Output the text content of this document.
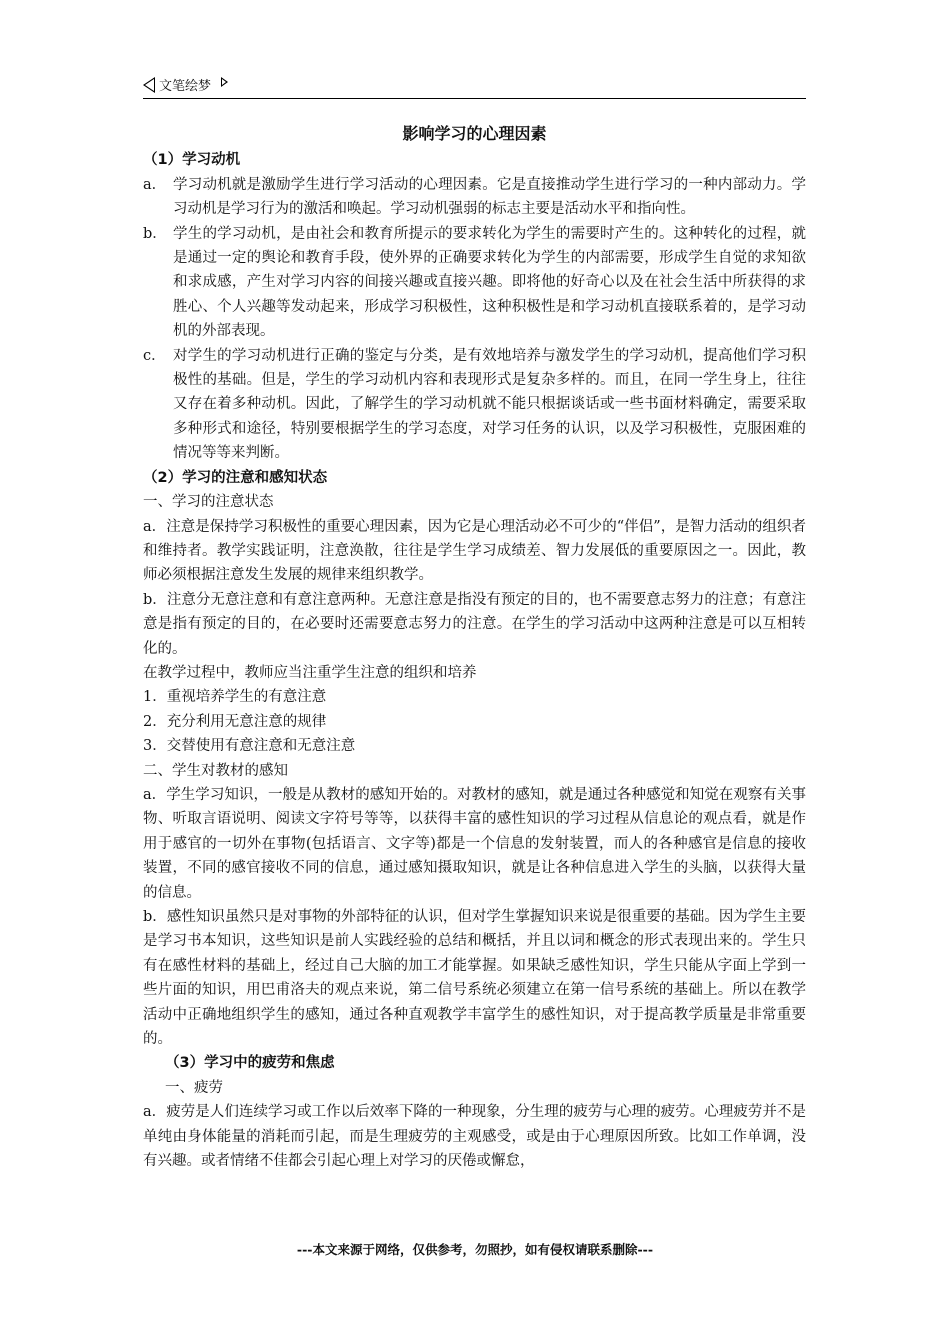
文笔绘梦
影响学习的心理因素
（1）学习动机
a． 学习动机就是激励学生进行学习活动的心理因素。它是直接推动学生进行学习的一种内部动力。学习动机是学习行为的激活和唤起。学习动机强弱的标志主要是活动水平和指向性。
b． 学生的学习动机，是由社会和教育所提示的要求转化为学生的需要时产生的。这种转化的过程，就是通过一定的舆论和教育手段，使外界的正确要求转化为学生的内部需要，形成学生自觉的求知欲和求成感，产生对学习内容的间接兴趣或直接兴趣。即将他的好奇心以及在社会生活中所获得的求胜心、个人兴趣等发动起来，形成学习积极性，这种积极性是和学习动机直接联系着的，是学习动机的外部表现。
c． 对学生的学习动机进行正确的鉴定与分类，是有效地培养与激发学生的学习动机，提高他们学习积极性的基础。但是，学生的学习动机内容和表现形式是复杂多样的。而且，在同一学生身上，往往又存在着多种动机。因此，了解学生的学习动机就不能只根据谈话或一些书面材料确定，需要采取多种形式和途径，特别要根据学生的学习态度，对学习任务的认识，以及学习积极性，克服困难的情况等等来判断。
（2）学习的注意和感知状态

一、学习的注意状态

a．注意是保持学习积极性的重要心理因素，因为它是心理活动必不可少的“伴侣”，是智力活动的组织者和维持者。教学实践证明，注意涣散，往往是学生学习成绩差、智力发展低的重要原因之一。因此，教师必须根据注意发生发展的规律来组织教学。

b．注意分无意注意和有意注意两种。无意注意是指没有预定的目的，也不需要意志努力的注意；有意注意是指有预定的目的，在必要时还需要意志努力的注意。在学生的学习活动中这两种注意是可以互相转化的。

在教学过程中，教师应当注重学生注意的组织和培养

1．重视培养学生的有意注意

2．充分利用无意注意的规律

3．交替使用有意注意和无意注意

二、学生对教材的感知

a．学生学习知识，一般是从教材的感知开始的。对教材的感知，就是通过各种感觉和知觉在观察有关事物、听取言语说明、阅读文字符号等等，以获得丰富的感性知识的学习过程从信息论的观点看，就是作用于感官的一切外在事物(包括语言、文字等)都是一个信息的发射装置，而人的各种感官是信息的接收装置，不同的感官接收不同的信息，通过感知摄取知识，就是让各种信息进入学生的头脑，以获得大量的信息。

b．感性知识虽然只是对事物的外部特征的认识，但对学生掌握知识来说是很重要的基础。因为学生主要是学习书本知识，这些知识是前人实践经验的总结和概括，并且以词和概念的形式表现出来的。学生只有在感性材料的基础上，经过自己大脑的加工才能掌握。如果缺乏感性知识，学生只能从字面上学到一些片面的知识，用巴甫洛夫的观点来说，第二信号系统必须建立在第一信号系统的基础上。所以在教学活动中正确地组织学生的感知，通过各种直观教学丰富学生的感性知识，对于提高教学质量是非常重要的。

（3）学习中的疲劳和焦虑

一、疲劳

a．疲劳是人们连续学习或工作以后效率下降的一种现象，分生理的疲劳与心理的疲劳。心理疲劳并不是单纯由身体能量的消耗而引起，而是生理疲劳的主观感受，或是由于心理原因所致。比如工作单调，没有兴趣。或者情绪不佳都会引起心理上对学习的厌倦或懈怠，

---本文来源于网络，仅供参考，勿照抄，如有侵权请联系删除---
